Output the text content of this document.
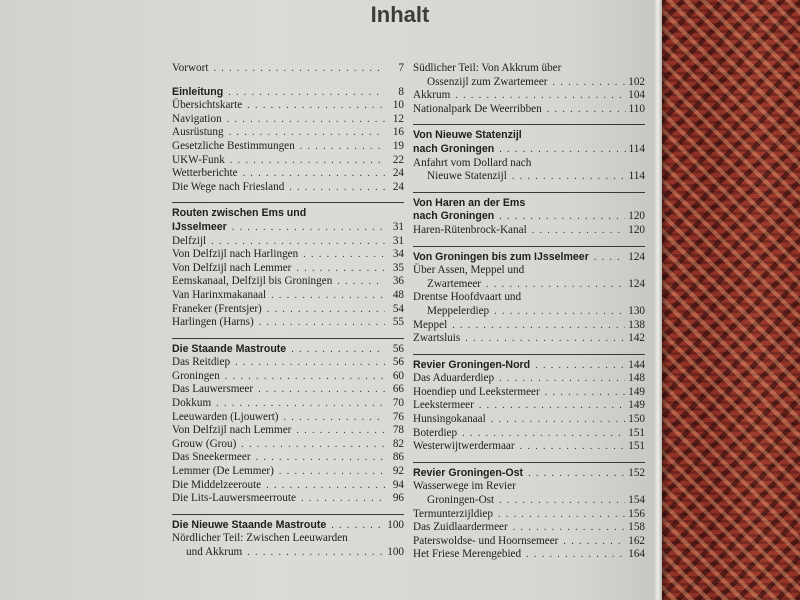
Inhalt
Vorwort . . .	7
Einleitung . . .	8
Übersichtskarte . . .	10
Navigation . . .	12
Ausrüstung . . .	16
Gesetzliche Bestimmungen . . .	19
UKW-Funk . . .	22
Wetterberichte . . .	24
Die Wege nach Friesland . . .	24
Routen zwischen Ems und
IJsselmeer . . .	31
Delfzijl . . .	31
Von Delfzijl nach Harlingen . . .	34
Von Delfzijl nach Lemmer . . .	35
Eemskanaal, Delfzijl bis Groningen . . .	36
Van Harinxmakanaal . . .	48
Franeker (Frentsjer) . . .	54
Harlingen (Harns) . . .	55
Die Staande Mastroute . . .	56
Das Reitdiep . . .	56
Groningen . . .	60
Das Lauwersmeer . . .	66
Dokkum . . .	70
Leeuwarden (Ljouwert) . . .	76
Von Delfzijl nach Lemmer . . .	78
Grouw (Grou) . . .	82
Das Sneekermeer . . .	86
Lemmer (De Lemmer) . . .	92
Die Middelzeeroute . . .	94
Die Lits-Lauwersmeerroute . . .	96
Die Nieuwe Staande Mastroute . . .	100
Nördlicher Teil: Zwischen Leeuwarden
und Akkrum . . .	100
Südlicher Teil: Von Akkrum über
Ossenzijl zum Zwartemeer . . .	102
Akkrum . . .	104
Nationalpark De Weerribben . . .	110
Von Nieuwe Statenzijl
nach Groningen . . .	114
Anfahrt vom Dollard nach
Nieuwe Statenzijl . . .	114
Von Haren an der Ems
nach Groningen . . .	120
Haren-Rütenbrock-Kanal . . .	120
Von Groningen bis zum IJsselmeer . . .	124
Über Assen, Meppel und
Zwartemeer . . .	124
Drentse Hoofdvaart und
Meppelerdiep . . .	130
Meppel . . .	138
Zwartsluis . . .	142
Revier Groningen-Nord . . .	144
Das Aduarderdiep . . .	148
Hoendiep und Leekstermeer . . .	149
Leekstermeer . . .	149
Hunsingokanaal . . .	150
Boterdiep . . .	151
Westerwijtwerdermaar . . .	151
Revier Groningen-Ost . . .	152
Wasserwege im Revier
Groningen-Ost . . .	154
Termunterzijldiep . . .	156
Das Zuidlaardermeer . . .	158
Paterswoldse- und Hoornsemeer . . .	162
Het Friese Merengebied . . .	164
